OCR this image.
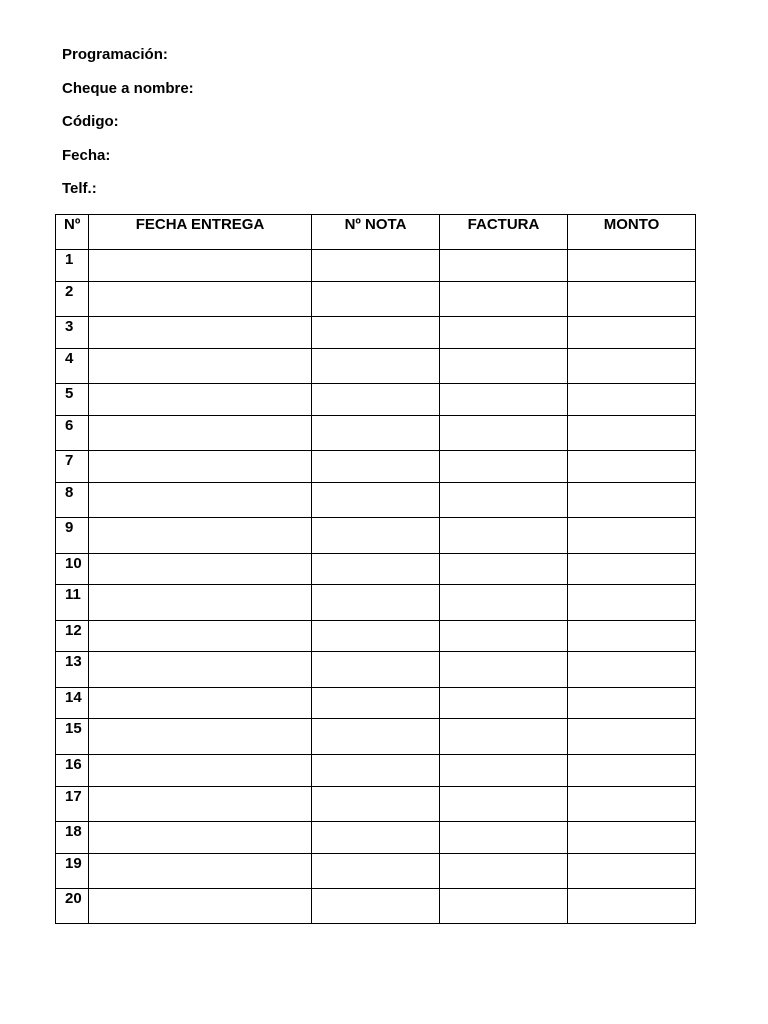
Programación:
Cheque a nombre:
Código:
Fecha:
Telf.:
Nº	FECHA ENTREGA	Nº NOTA	FACTURA	MONTO
1				
2				
3				
4				
5				
6				
7				
8				
9				
10				
11				
12				
13				
14				
15				
16				
17				
18				
19				
20				
